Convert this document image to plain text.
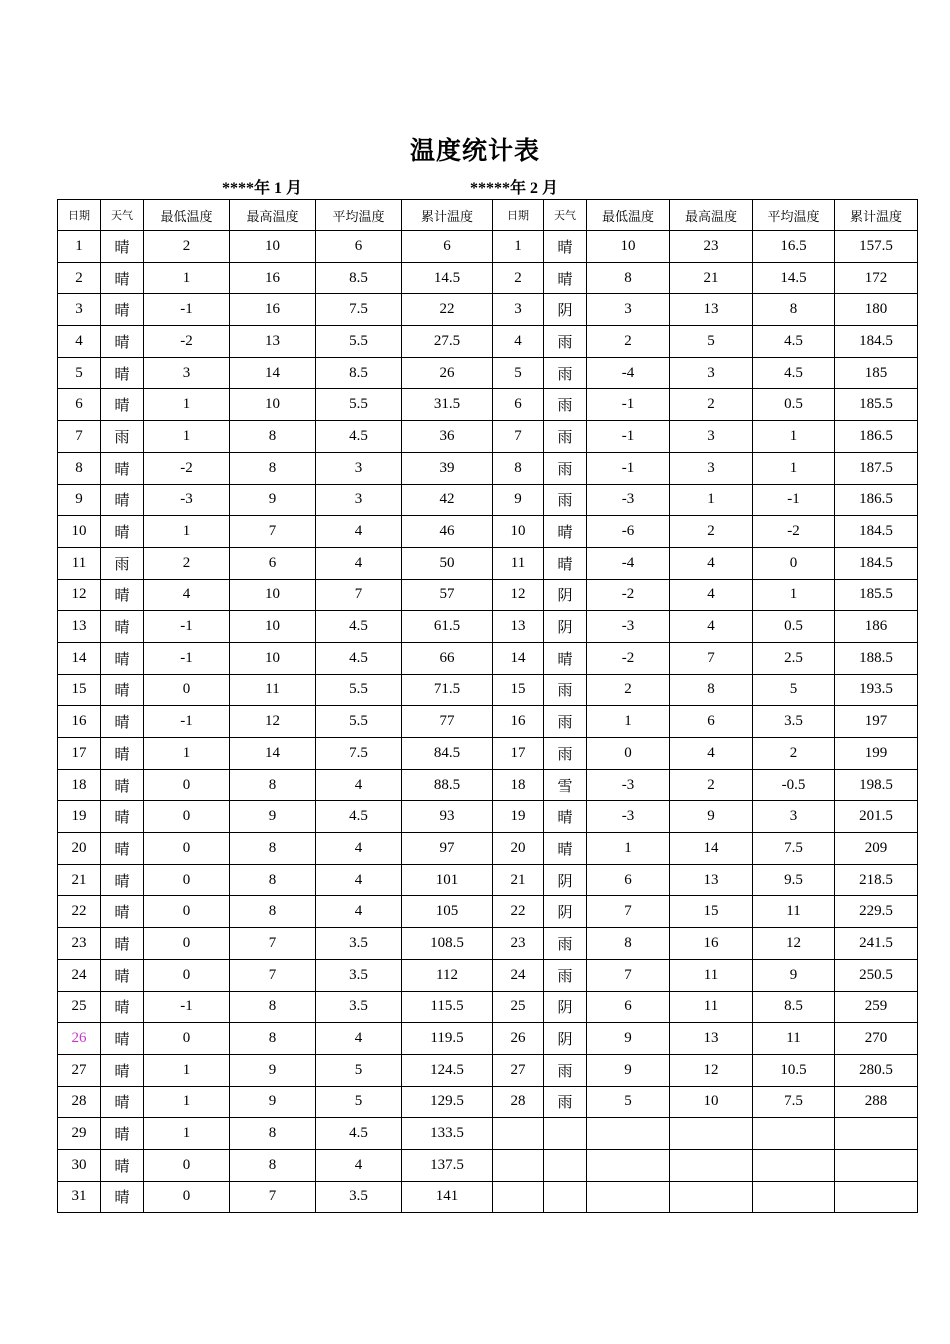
温度统计表
****年 1 月	*****年 2 月
日期	天气	最低温度	最高温度	平均温度	累计温度	日期	天气	最低温度	最高温度	平均温度	累计温度
1	晴	2	10	6	6	1	晴	10	23	16.5	157.5
2	晴	1	16	8.5	14.5	2	晴	8	21	14.5	172
3	晴	-1	16	7.5	22	3	阴	3	13	8	180
4	晴	-2	13	5.5	27.5	4	雨	2	5	4.5	184.5
5	晴	3	14	8.5	26	5	雨	-4	3	4.5	185
6	晴	1	10	5.5	31.5	6	雨	-1	2	0.5	185.5
7	雨	1	8	4.5	36	7	雨	-1	3	1	186.5
8	晴	-2	8	3	39	8	雨	-1	3	1	187.5
9	晴	-3	9	3	42	9	雨	-3	1	-1	186.5
10	晴	1	7	4	46	10	晴	-6	2	-2	184.5
11	雨	2	6	4	50	11	晴	-4	4	0	184.5
12	晴	4	10	7	57	12	阴	-2	4	1	185.5
13	晴	-1	10	4.5	61.5	13	阴	-3	4	0.5	186
14	晴	-1	10	4.5	66	14	晴	-2	7	2.5	188.5
15	晴	0	11	5.5	71.5	15	雨	2	8	5	193.5
16	晴	-1	12	5.5	77	16	雨	1	6	3.5	197
17	晴	1	14	7.5	84.5	17	雨	0	4	2	199
18	晴	0	8	4	88.5	18	雪	-3	2	-0.5	198.5
19	晴	0	9	4.5	93	19	晴	-3	9	3	201.5
20	晴	0	8	4	97	20	晴	1	14	7.5	209
21	晴	0	8	4	101	21	阴	6	13	9.5	218.5
22	晴	0	8	4	105	22	阴	7	15	11	229.5
23	晴	0	7	3.5	108.5	23	雨	8	16	12	241.5
24	晴	0	7	3.5	112	24	雨	7	11	9	250.5
25	晴	-1	8	3.5	115.5	25	阴	6	11	8.5	259
26	晴	0	8	4	119.5	26	阴	9	13	11	270
27	晴	1	9	5	124.5	27	雨	9	12	10.5	280.5
28	晴	1	9	5	129.5	28	雨	5	10	7.5	288
29	晴	1	8	4.5	133.5						
30	晴	0	8	4	137.5						
31	晴	0	7	3.5	141						
